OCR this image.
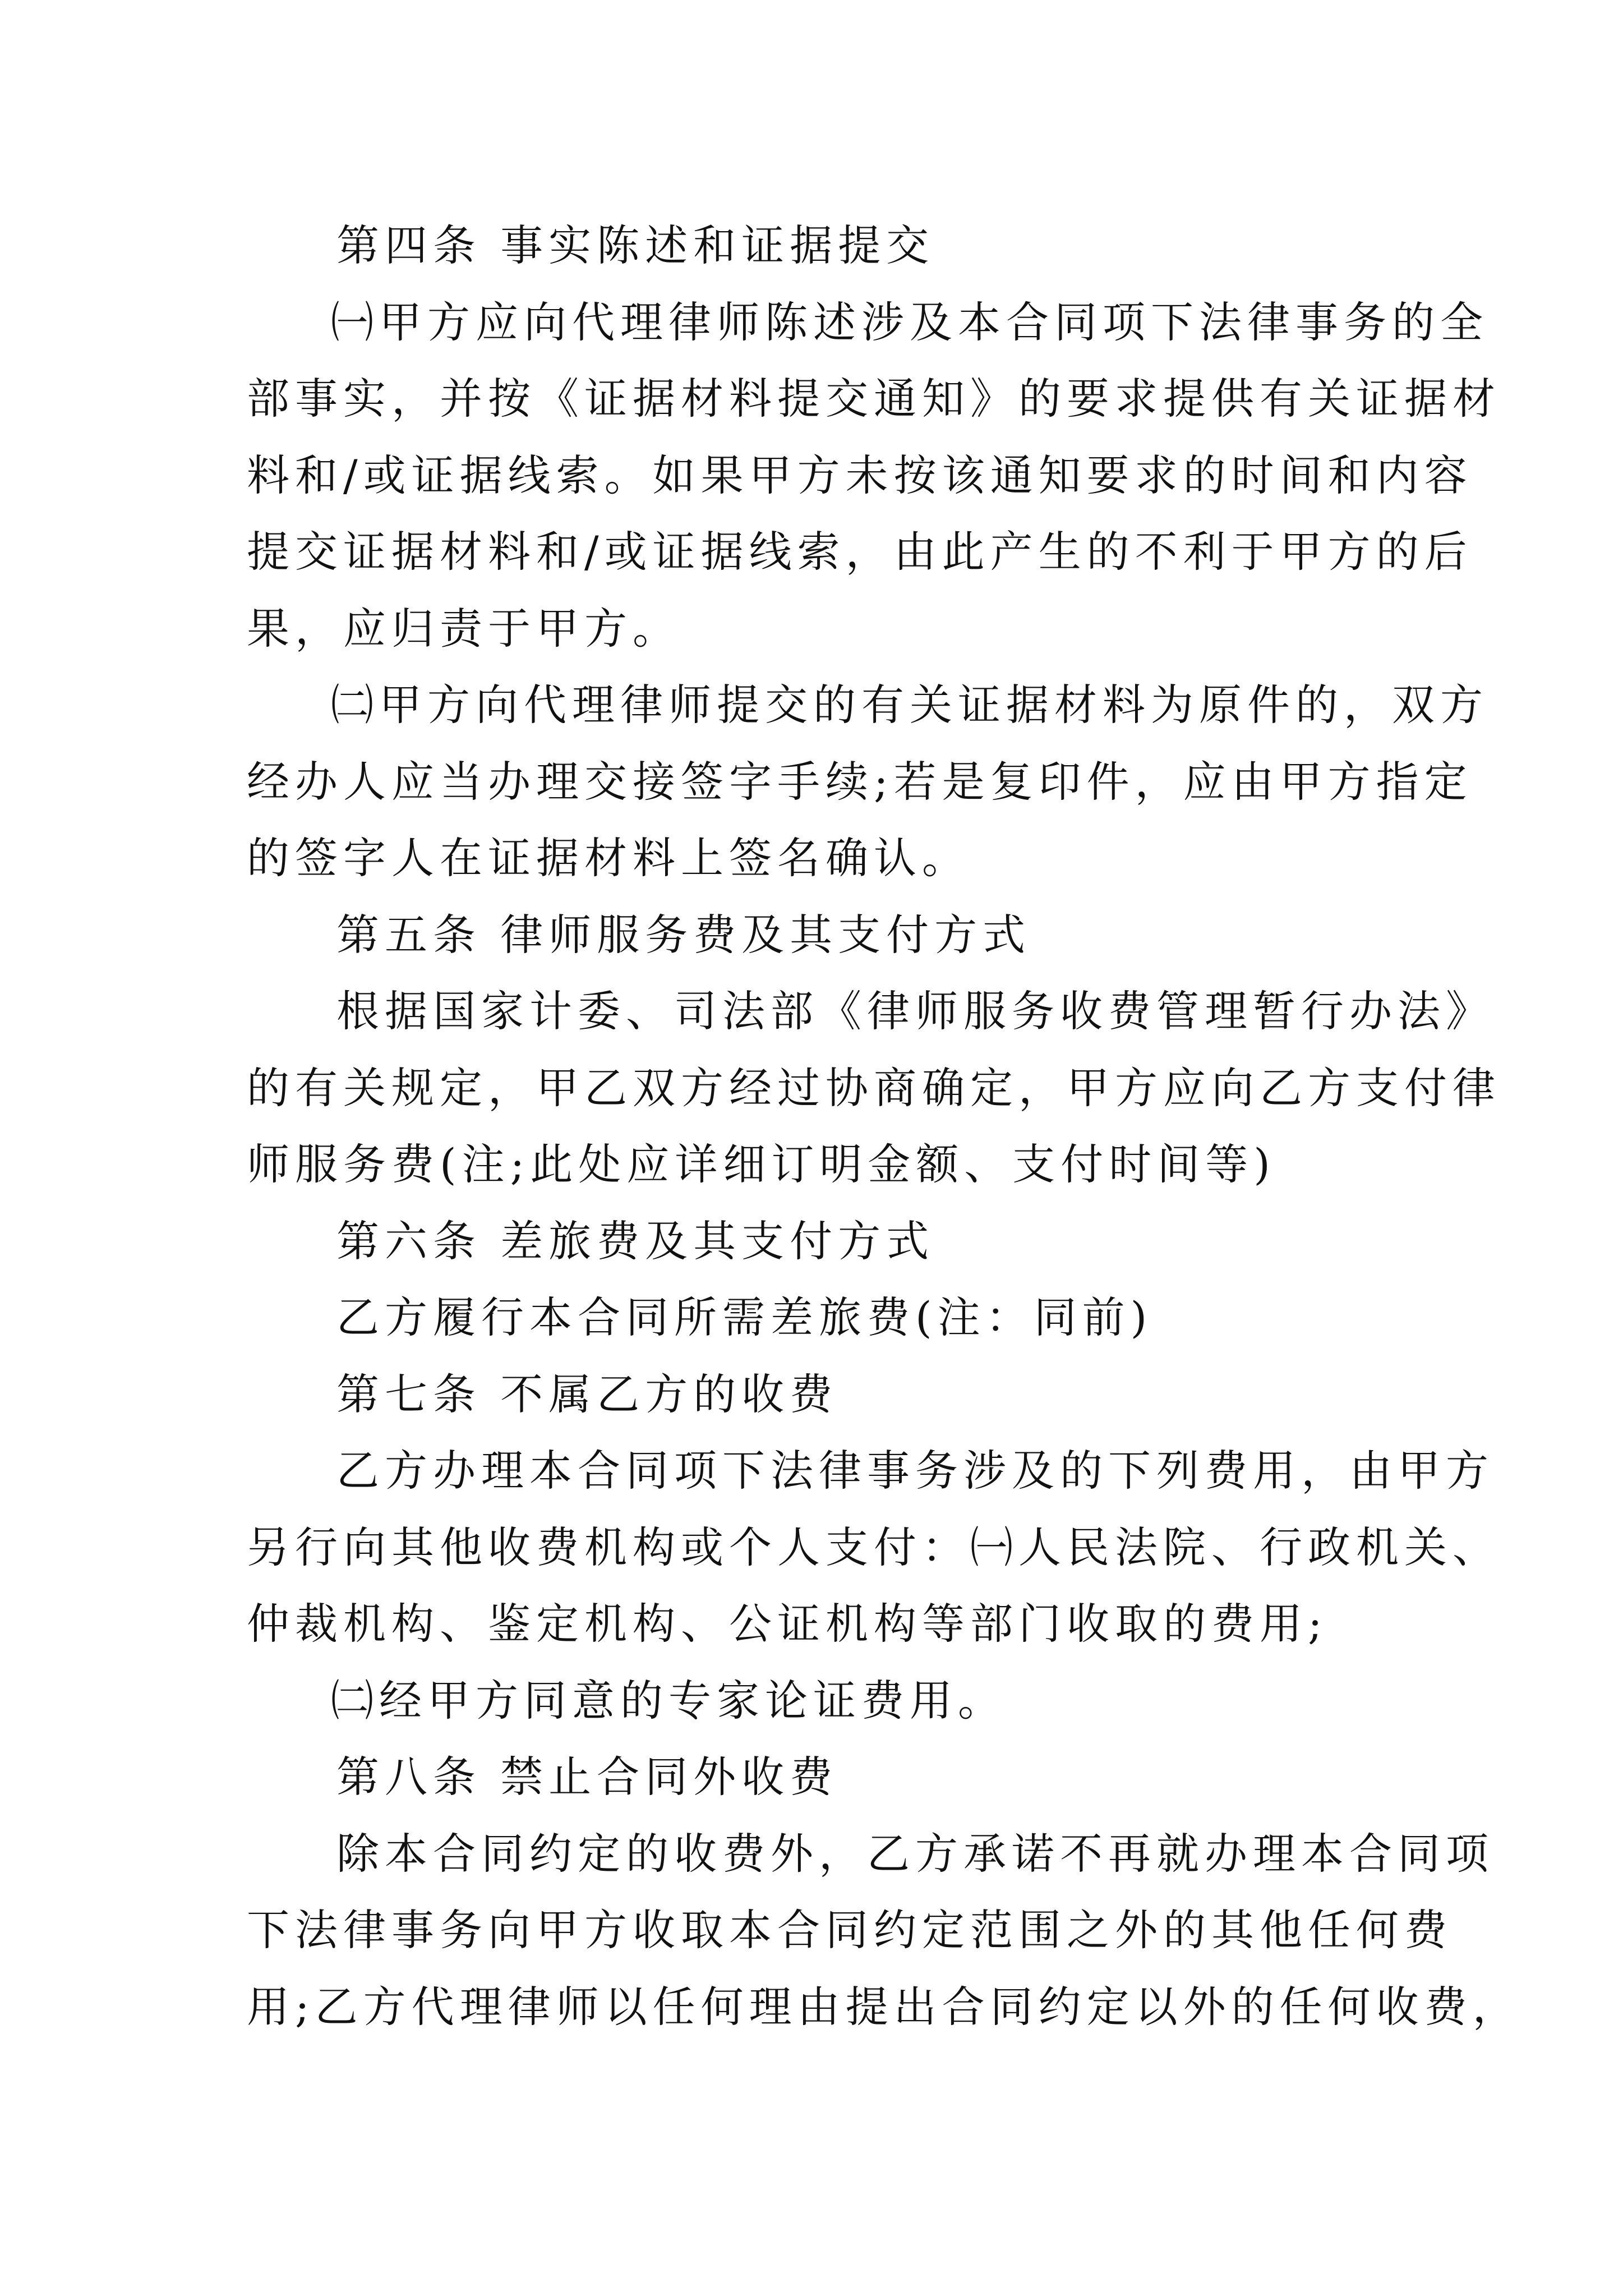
第四条 事实陈述和证据提交
㈠甲方应向代理律师陈述涉及本合同项下法律事务的全
部事实，并按《证据材料提交通知》的要求提供有关证据材
料和/或证据线索。如果甲方未按该通知要求的时间和内容
提交证据材料和/或证据线索，由此产生的不利于甲方的后
果，应归责于甲方。
㈡甲方向代理律师提交的有关证据材料为原件的，双方
经办人应当办理交接签字手续;若是复印件，应由甲方指定
的签字人在证据材料上签名确认。
第五条 律师服务费及其支付方式
根据国家计委、司法部《律师服务收费管理暂行办法》
的有关规定，甲乙双方经过协商确定，甲方应向乙方支付律
师服务费(注;此处应详细订明金额、支付时间等)
第六条 差旅费及其支付方式
乙方履行本合同所需差旅费(注：同前)
第七条 不属乙方的收费
乙方办理本合同项下法律事务涉及的下列费用，由甲方
另行向其他收费机构或个人支付：㈠人民法院、行政机关、
仲裁机构、鉴定机构、公证机构等部门收取的费用;
㈡经甲方同意的专家论证费用。
第八条 禁止合同外收费
除本合同约定的收费外，乙方承诺不再就办理本合同项
下法律事务向甲方收取本合同约定范围之外的其他任何费
用;乙方代理律师以任何理由提出合同约定以外的任何收费，
